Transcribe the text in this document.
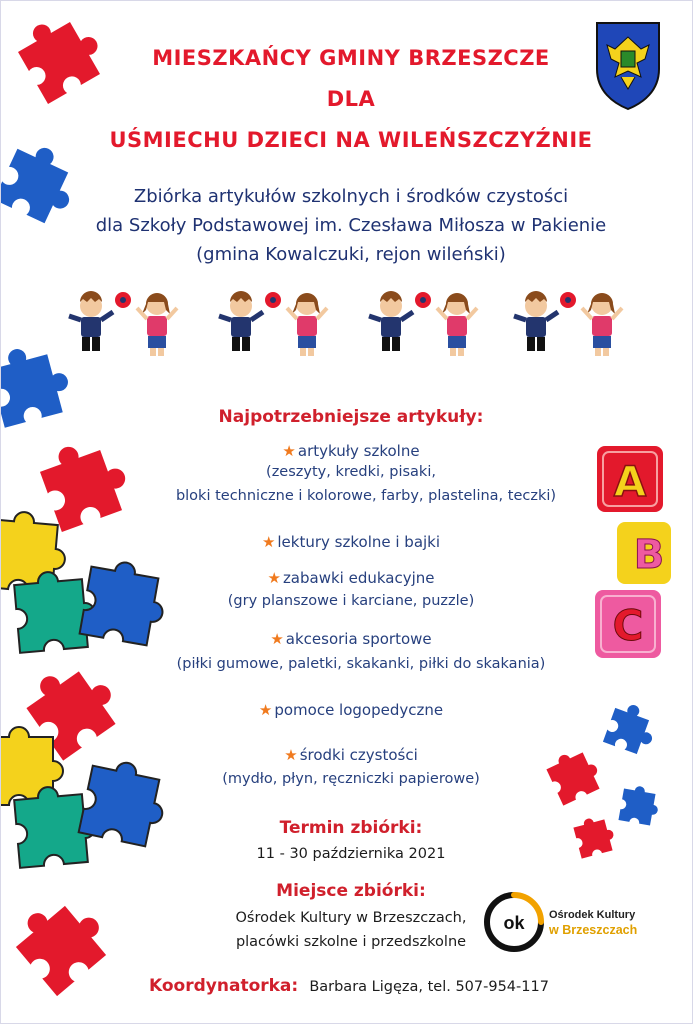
MIESZKAŃCY GMINY BRZESZCZE
DLA
UŚMIECHU DZIECI NA WILEŃSZCZYŹNIE
Zbiórka artykułów szkolnych i środków czystości
dla Szkoły Podstawowej im. Czesława Miłosza w Pakienie
(gmina Kowalczuki, rejon wileński)
A
B
C
Najpotrzebniejsze artykuły:
★ artykuły szkolne
(zeszyty, kredki, pisaki,
bloki techniczne i kolorowe, farby, plastelina, teczki)
★ lektury szkolne i bajki
★ zabawki edukacyjne
(gry planszowe i karciane, puzzle)
★ akcesoria sportowe
(piłki gumowe, paletki, skakanki, piłki do skakania)
★ pomoce logopedyczne
★ środki czystości
(mydło, płyn, ręczniczki papierowe)
Termin zbiórki:
11 - 30 października 2021
Miejsce zbiórki:
Ośrodek Kultury w Brzeszczach,
placówki szkolne i przedszkolne
ok Ośrodek Kultury
w Brzeszczach
Koordynatorka: Barbara Ligęza, tel. 507-954-117
